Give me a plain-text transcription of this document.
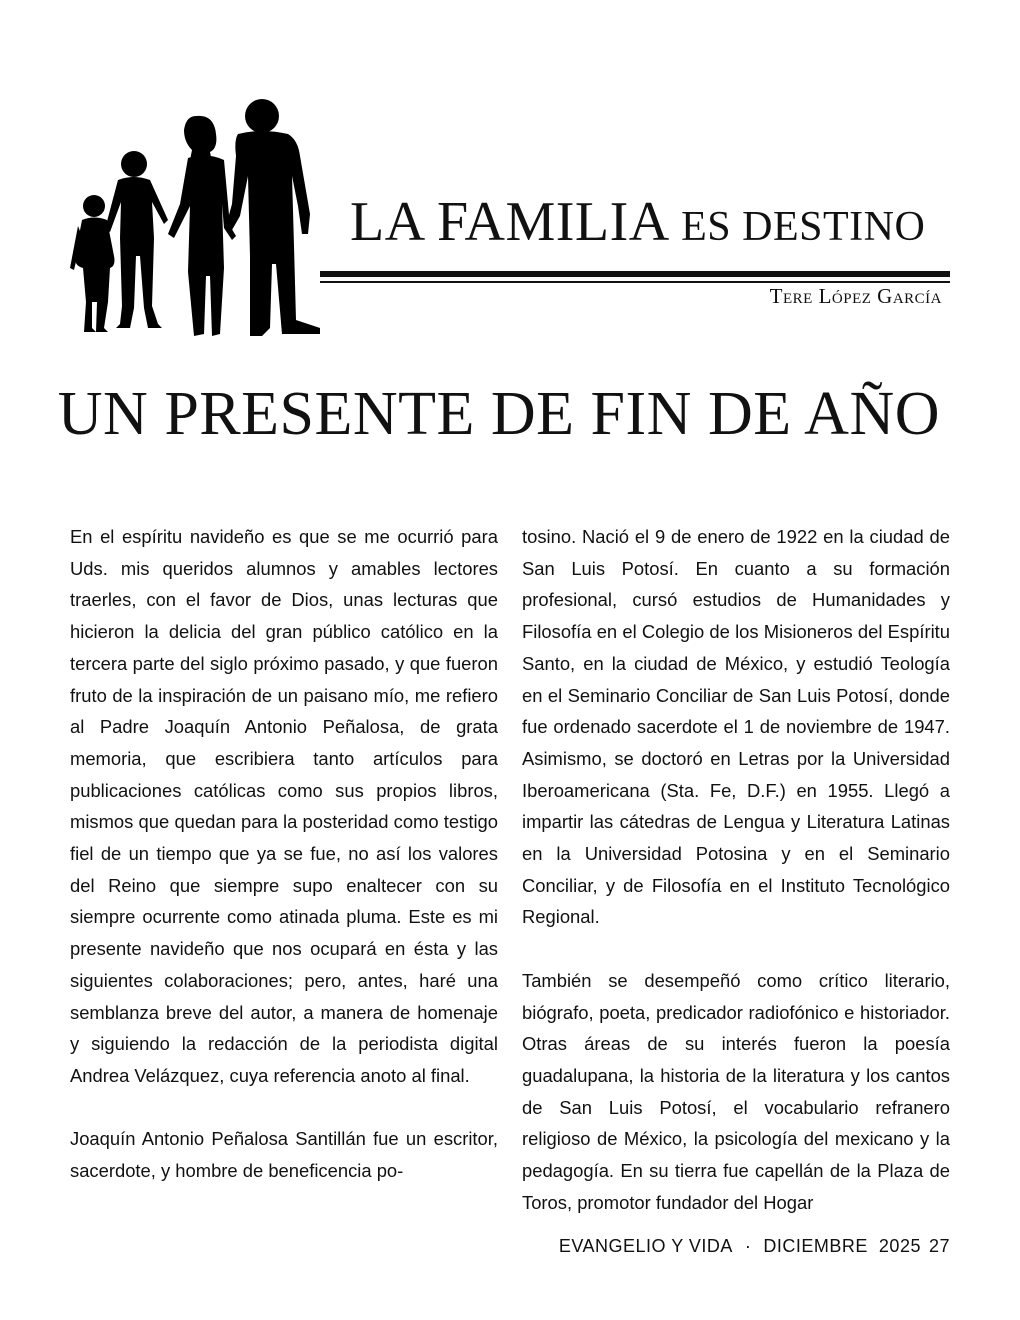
LA FAMILIA ES DESTINO
Tere López García
UN PRESENTE DE FIN DE AÑO

En el espíritu navideño es que se me ocurrió para Uds. mis queridos alumnos y amables lectores traerles, con el favor de Dios, unas lecturas que hicieron la delicia del gran público católico en la tercera parte del siglo próximo pasado, y que fueron fruto de la inspiración de un paisano mío, me refiero al Padre Joaquín Antonio Peñalosa, de grata memoria, que escribiera tanto artículos para publicaciones católicas como sus propios libros, mismos que quedan para la posteridad como testigo fiel de un tiempo que ya se fue, no así los valores del Reino que siempre supo enaltecer con su siempre ocurrente como atinada pluma. Este es mi presente navideño que nos ocupará en ésta y las siguientes colaboraciones; pero, antes, haré una semblanza breve del autor, a manera de homenaje y siguiendo la redacción de la periodista digital Andrea Velázquez, cuya referencia anoto al final.

Joaquín Antonio Peñalosa Santillán fue un escritor, sacerdote, y hombre de beneficencia po-

tosino. Nació el 9 de enero de 1922 en la ciudad de San Luis Potosí. En cuanto a su formación profesional, cursó estudios de Humanidades y Filosofía en el Colegio de los Misioneros del Espíritu Santo, en la ciudad de México, y estudió Teología en el Seminario Conciliar de San Luis Potosí, donde fue ordenado sacerdote el 1 de noviembre de 1947. Asimismo, se doctoró en Letras por la Universidad Iberoamericana (Sta. Fe, D.F.) en 1955. Llegó a impartir las cátedras de Lengua y Literatura Latinas en la Universidad Potosina y en el Seminario Conciliar, y de Filosofía en el Instituto Tecnológico Regional.

También se desempeñó como crítico literario, biógrafo, poeta, predicador radiofónico e historiador. Otras áreas de su interés fueron la poesía guadalupana, la historia de la literatura y los cantos de San Luis Potosí, el vocabulario refranero religioso de México, la psicología del mexicano y la pedagogía. En su tierra fue capellán de la Plaza de Toros, promotor fundador del Hogar

EVANGELIO Y VIDA · DICIEMBRE  2025 27
